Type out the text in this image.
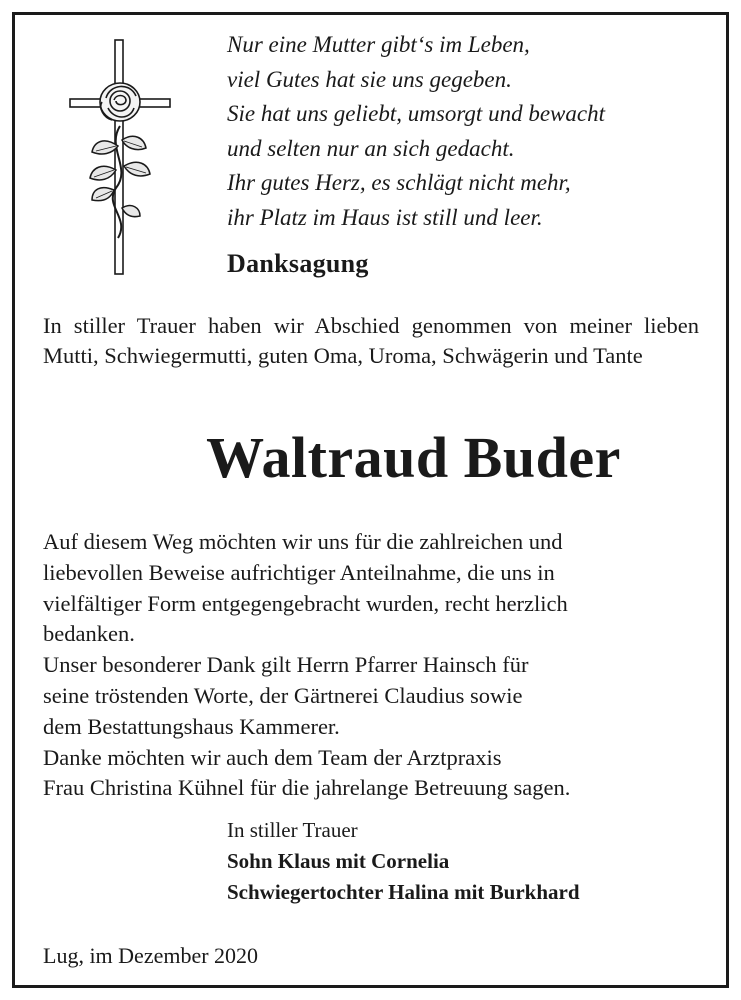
Nur eine Mutter gibt‘s im Leben,
viel Gutes hat sie uns gegeben.
Sie hat uns geliebt, umsorgt und bewacht
und selten nur an sich gedacht.
Ihr gutes Herz, es schlägt nicht mehr,
ihr Platz im Haus ist still und leer.
Danksagung
In stiller Trauer haben wir Abschied genommen von meiner lieben Mutti, Schwiegermutti, guten Oma, Uroma, Schwägerin und Tante
Waltraud Buder
Auf diesem Weg möchten wir uns für die zahlreichen und
liebevollen Beweise aufrichtiger Anteilnahme, die uns in
vielfältiger Form entgegengebracht wurden, recht herzlich
bedanken.
Unser besonderer Dank gilt Herrn Pfarrer Hainsch für
seine tröstenden Worte, der Gärtnerei Claudius sowie
dem Bestattungshaus Kammerer.
Danke möchten wir auch dem Team der Arztpraxis
Frau Christina Kühnel für die jahrelange Betreuung sagen.
In stiller Trauer
Sohn Klaus mit Cornelia
Schwiegertochter Halina mit Burkhard
Lug, im Dezember 2020
